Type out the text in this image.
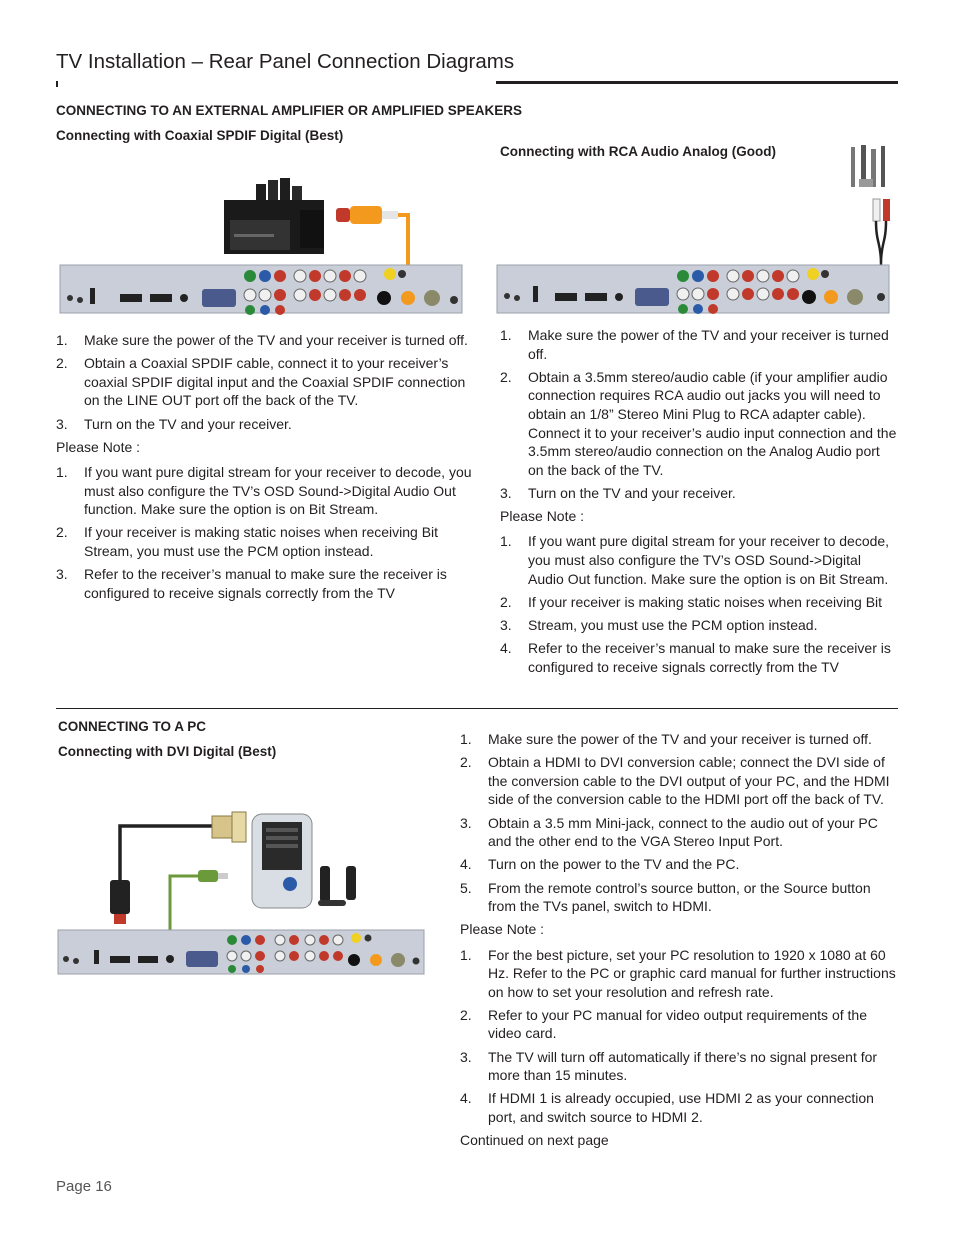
TV Installation – Rear Panel Connection Diagrams
CONNECTING TO AN EXTERNAL AMPLIFIER OR AMPLIFIED SPEAKERS
Connecting with Coaxial SPDIF Digital (Best)
Connecting with RCA Audio Analog (Good)
1. Make sure the power of the TV and your receiver is turned off.
2. Obtain a Coaxial SPDIF cable, connect it to your receiver’s coaxial SPDIF digital input and the Coaxial SPDIF connection on the LINE OUT port off the back of the TV.
3. Turn on the TV and your receiver.
Please Note :
1. If you want pure digital stream for your receiver to decode, you must also configure the TV’s OSD Sound->Digital Audio Out function. Make sure the option is on Bit Stream.
2. If your receiver is making static noises when receiving Bit Stream, you must use the PCM option instead.
3. Refer to the receiver’s manual to make sure the receiver is configured to receive signals correctly from the TV
1. Make sure the power of the TV and your receiver is turned off.
2. Obtain a 3.5mm stereo/audio cable (if your amplifier audio connection requires RCA audio out jacks you will need to obtain an 1/8” Stereo Mini Plug to RCA adapter cable). Connect it to your receiver’s audio input connection and the 3.5mm stereo/audio connection on the Analog Audio port on the back of the TV.
3. Turn on the TV and your receiver.
Please Note :
1. If you want pure digital stream for your receiver to decode, you must also configure the TV’s OSD Sound->Digital Audio Out function. Make sure the option is on Bit Stream.
2. If your receiver is making static noises when receiving Bit
3. Stream, you must use the PCM option instead.
4. Refer to the receiver’s manual to make sure the receiver is configured to receive signals correctly from the TV
CONNECTING TO A PC
Connecting with DVI Digital (Best)
1. Make sure the power of the TV and your receiver is turned off.
2. Obtain a HDMI to DVI conversion cable; connect the DVI side of the conversion cable to the DVI output of your PC, and the HDMI side of the conversion cable to the HDMI port off the back of TV.
3. Obtain a 3.5 mm Mini-jack, connect to the audio out of your PC and the other end to the VGA Stereo Input Port.
4. Turn on the power to the TV and the PC.
5. From the remote control’s source button, or the Source button from the TVs panel, switch to HDMI.
Please Note :
1. For the best picture, set your PC resolution to 1920 x 1080 at 60 Hz. Refer to the PC or graphic card manual for further instructions on how to set your resolution and refresh rate.
2. Refer to your PC manual for video output requirements of the video card.
3. The TV will turn off automatically if there’s no signal present for more than 15 minutes.
4. If HDMI 1 is already occupied, use HDMI 2 as your connection port, and switch source to HDMI 2.
Continued on next page
Page 16
